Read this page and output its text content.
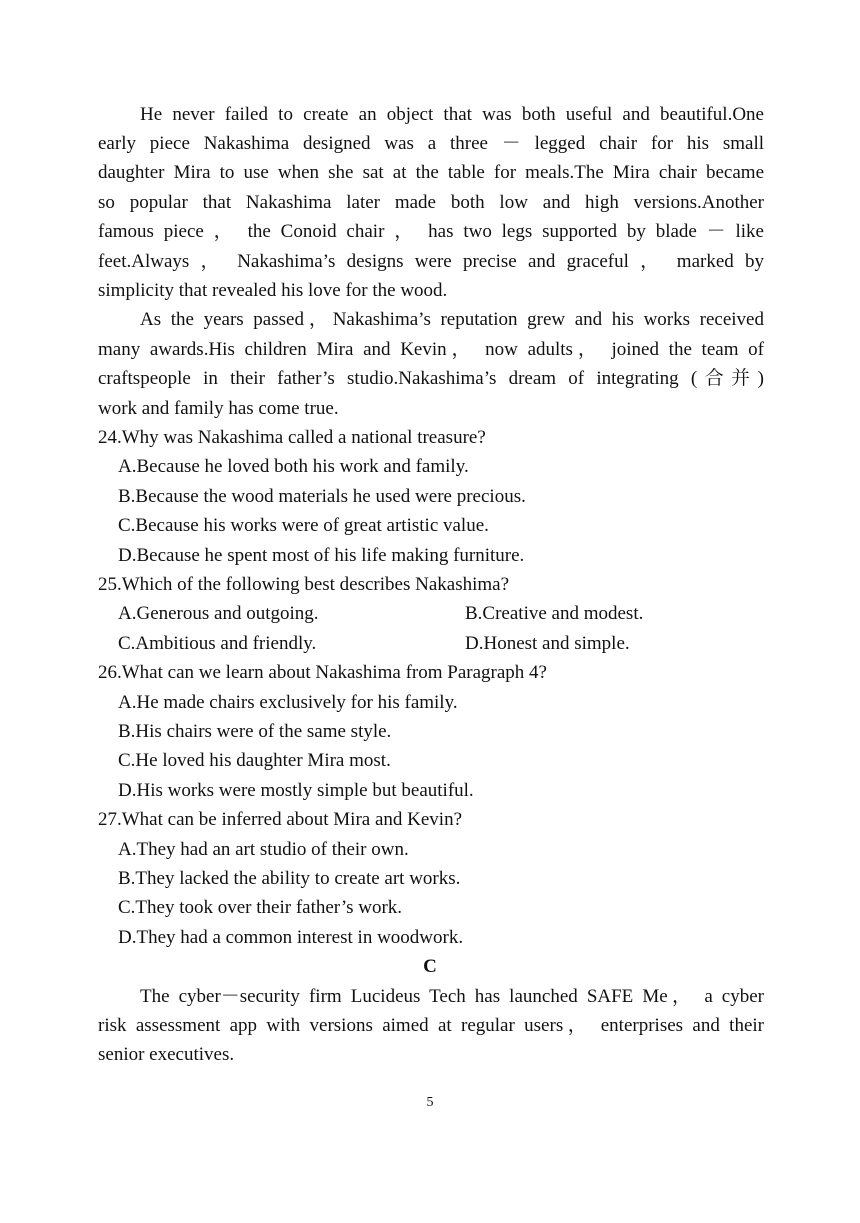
He never failed to create an object that was both useful and beautiful.One
early piece Nakashima designed was a three － legged chair for his small
daughter Mira to use when she sat at the table for meals.The Mira chair became
so popular that Nakashima later made both low and high versions.Another
famous piece ， the Conoid chair ， has two legs supported by blade － like
feet.Always ， Nakashima’s designs were precise and graceful ， marked by
simplicity that revealed his love for the wood.
As the years passed，Nakashima’s reputation grew and his works received
many awards.His children Mira and Kevin， now adults， joined the team of
craftspeople in their father’s studio.Nakashima’s dream of integrating (合并)
work and family has come true.
24.Why was Nakashima called a national treasure?
A.Because he loved both his work and family.
B.Because the wood materials he used were precious.
C.Because his works were of great artistic value.
D.Because he spent most of his life making furniture.
25.Which of the following best describes Nakashima?
A.Generous and outgoing.	B.Creative and modest.
C.Ambitious and friendly.	D.Honest and simple.
26.What can we learn about Nakashima from Paragraph 4?
A.He made chairs exclusively for his family.
B.His chairs were of the same style.
C.He loved his daughter Mira most.
D.His works were mostly simple but beautiful.
27.What can be inferred about Mira and Kevin?
A.They had an art studio of their own.
B.They lacked the ability to create art works.
C.They took over their father’s work.
D.They had a common interest in woodwork.
C
The cyber－security firm Lucideus Tech has launched SAFE Me， a cyber
risk assessment app with versions aimed at regular users， enterprises and their
senior executives.
5
